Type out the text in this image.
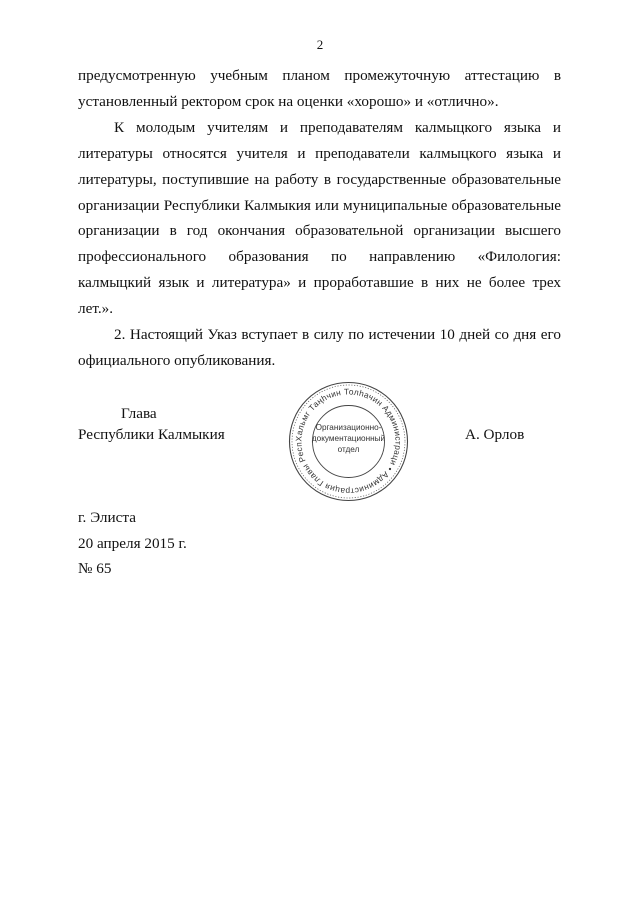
2

предусмотренную учебным планом промежуточную аттестацию в установленный ректором срок на оценки «хорошо» и «отлично».

К молодым учителям и преподавателям калмыцкого языка и литературы относятся учителя и преподаватели калмыцкого языка и литературы, поступившие на работу в государственные образовательные организации Республики Калмыкия или муниципальные образовательные организации в год окончания образовательной организации высшего профессионального образования по направлению «Филология: калмыцкий язык и литература» и проработавшие в них не более трех лет.».

2. Настоящий Указ вступает в силу по истечении 10 дней со дня его официального опубликования.

Глава
Республики Калмыкия	Хальмг Таңһчин Толһачин Администраци • Администрация Главы Респ
Организационно-
документационный
отдел
А. Орлов
г. Элиста
20 апреля 2015 г.
№ 65
